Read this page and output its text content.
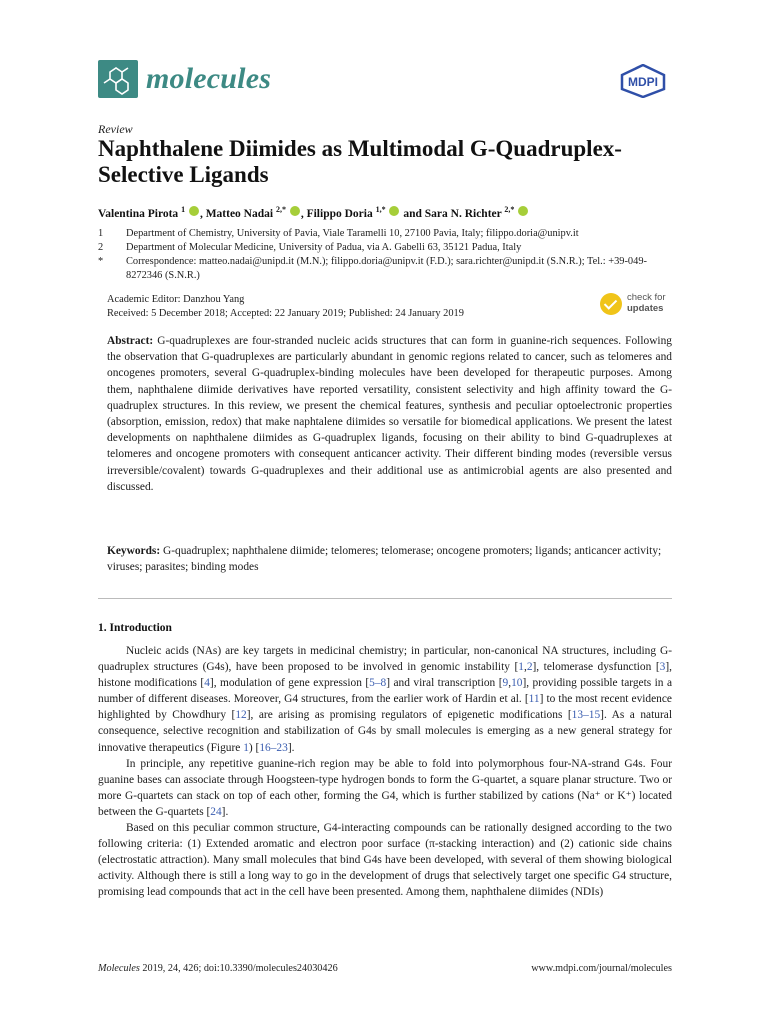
molecules	MDPI
Review
Naphthalene Diimides as Multimodal G-Quadruplex-Selective Ligands
Valentina Pirota $^1$ , Matteo Nadai $^{2,*}$ , Filippo Doria $^{1,*}$  and Sara N. Richter $^{2,*}$
1	Department of Chemistry, University of Pavia, Viale Taramelli 10, 27100 Pavia, Italy; filippo.doria@unipv.it
2	Department of Molecular Medicine, University of Padua, via A. Gabelli 63, 35121 Padua, Italy
*	Correspondence: matteo.nadai@unipd.it (M.N.); filippo.doria@unipv.it (F.D.); sara.richter@unipd.it (S.N.R.); Tel.: +39-049-8272346 (S.N.R.)
Academic Editor: Danzhou Yang
Received: 5 December 2018; Accepted: 22 January 2019; Published: 24 January 2019
check for
updates
Abstract: G-quadruplexes are four-stranded nucleic acids structures that can form in guanine-rich sequences. Following the observation that G-quadruplexes are particularly abundant in genomic regions related to cancer, such as telomeres and oncogenes promoters, several G-quadruplex-binding molecules have been developed for therapeutic purposes. Among them, naphthalene diimide derivatives have reported versatility, consistent selectivity and high affinity toward the G-quadruplex structures. In this review, we present the chemical features, synthesis and peculiar optoelectronic properties (absorption, emission, redox) that make naphtalene diimides so versatile for biomedical applications. We present the latest developments on naphthalene diimides as G-quadruplex ligands, focusing on their ability to bind G-quadruplexes at telomeres and oncogene promoters with consequent anticancer activity. Their different binding modes (reversible versus irreversible/covalent) towards G-quadruplexes and their additional use as antimicrobial agents are also presented and discussed.
Keywords: G-quadruplex; naphthalene diimide; telomeres; telomerase; oncogene promoters; ligands; anticancer activity; viruses; parasites; binding modes
1. Introduction

Nucleic acids (NAs) are key targets in medicinal chemistry; in particular, non-canonical NA structures, including G-quadruplex structures (G4s), have been proposed to be involved in genomic instability [1,2], telomerase dysfunction [3], histone modifications [4], modulation of gene expression [5–8] and viral transcription [9,10], providing possible targets in a number of different diseases. Moreover, G4 structures, from the earlier work of Hardin et al. [11] to the most recent evidence highlighted by Chowdhury [12], are arising as promising regulators of epigenetic modifications [13–15]. As a natural consequence, selective recognition and stabilization of G4s by small molecules is emerging as a new general strategy for innovative therapeutics (Figure 1) [16–23].

In principle, any repetitive guanine-rich region may be able to fold into polymorphous four-NA-strand G4s. Four guanine bases can associate through Hoogsteen-type hydrogen bonds to form the G-quartet, a square planar structure. Two or more G-quartets can stack on top of each other, forming the G4, which is further stabilized by cations (Na⁺ or K⁺) located between the G-quartets [24].

Based on this peculiar common structure, G4-interacting compounds can be rationally designed according to the two following criteria: (1) Extended aromatic and electron poor surface (π-stacking interaction) and (2) cationic side chains (electrostatic attraction). Many small molecules that bind G4s have been developed, with several of them showing biological activity. Although there is still a long way to go in the development of drugs that selectively target one specific G4 structure, promising lead compounds that act in the cell have been presented. Among them, naphthalene diimides (NDIs)

Molecules 2019, 24, 426; doi:10.3390/molecules24030426	www.mdpi.com/journal/molecules
